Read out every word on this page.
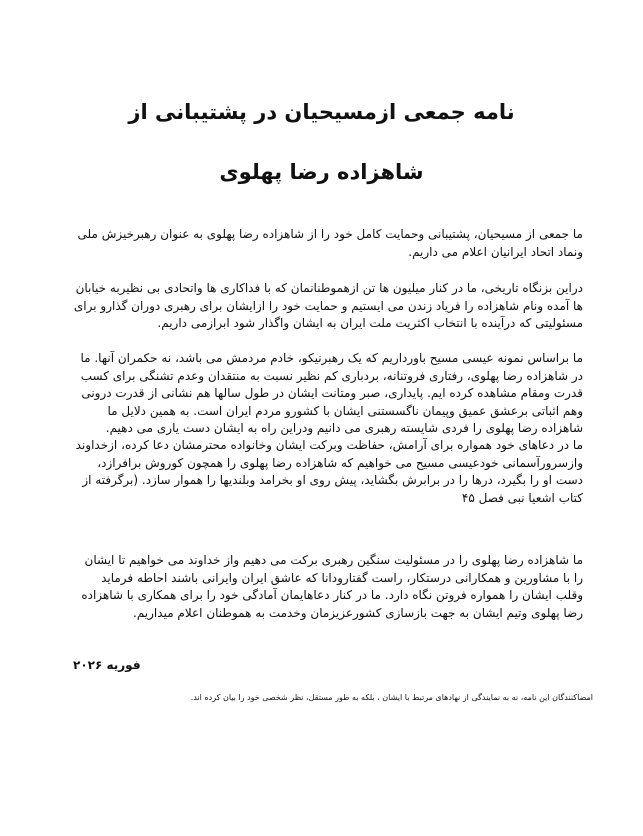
نامه جمعی ازمسیحیان در پشتیبانی از
شاهزاده رضا پهلوی

ما جمعی از مسیحیان، پشتیبانی وحمایت کامل خود را از شاهزاده رضا پهلوی به عنوان رهبرخیزش ملی ونماد اتحاد ایرانیان اعلام می داریم.

دراین بزنگاه تاریخی، ما در کنار میلیون ها تن ازهموطنانمان که با فداکاری ها واتحادی بی نظیربه خیابان ها آمده ونام شاهزاده را فریاد زندن می ایستیم و حمایت خود را ازایشان برای رهبری دوران گذارو برای مسئولیتی که درآینده با انتخاب اکثریت ملت ایران به ایشان واگذار شود ابرازمی داریم.

ما براساس نمونه عیسی مسیح باورداریم که یک رهبرنیکو، خادم مردمش می باشد، نه حکمران آنها. ما در شاهزاده رضا پهلوی، رفتاری فروتنانه، بردباری کم نظیر نسبت به منتقدان وعدم تشنگی برای کسب قدرت ومقام مشاهده کرده ایم. پایداری، صبر ومتانت ایشان در طول سالها هم نشانی از قدرت درونی وهم اثباتی برعشق عمیق وپیمان ناگسستنی ایشان با کشورو مردم ایران است. به همین دلایل ما شاهزاده رضا پهلوی را فردی شایسته رهبری می دانیم ودراین راه به ایشان دست یاری می دهیم.

ما در دعاهای خود همواره برای آرامش، حفاظت وبرکت ایشان وخانواده محترمشان دعا کرده، ازخداوند وازسرورآسمانی خودعیسی مسیح می خواهیم که شاهزاده رضا پهلوی را همچون کوروش برافرازد، دست او را بگیرد، درها را در برابرش بگشاید، پیش روی او بخرامد وبلندیها را هموار سازد. (برگرفته از کتاب اشعیا نبی فصل ۴۵

ما شاهزاده رضا پهلوی را در مسئولیت سنگین رهبری برکت می دهیم واز خداوند می خواهیم تا ایشان را با مشاورین و همکارانی درستکار، راست گفتارودانا که عاشق ایران وایرانی باشند احاطه فرماید وقلب ایشان را همواره فروتن نگاه دارد. ما در کنار دعاهایمان آمادگی خود را برای همکاری با شاهزاده رضا پهلوی وتیم ایشان به جهت بازسازی کشورعزیزمان وخدمت به هموطنان اعلام میداریم.

فوریه ۲۰۲۶

امضاکنندگان این نامه، نه به نمایندگی از نهادهای مرتبط با ایشان ، بلکه به طور مستقل، نظر شخصی خود را بیان کرده اند.
